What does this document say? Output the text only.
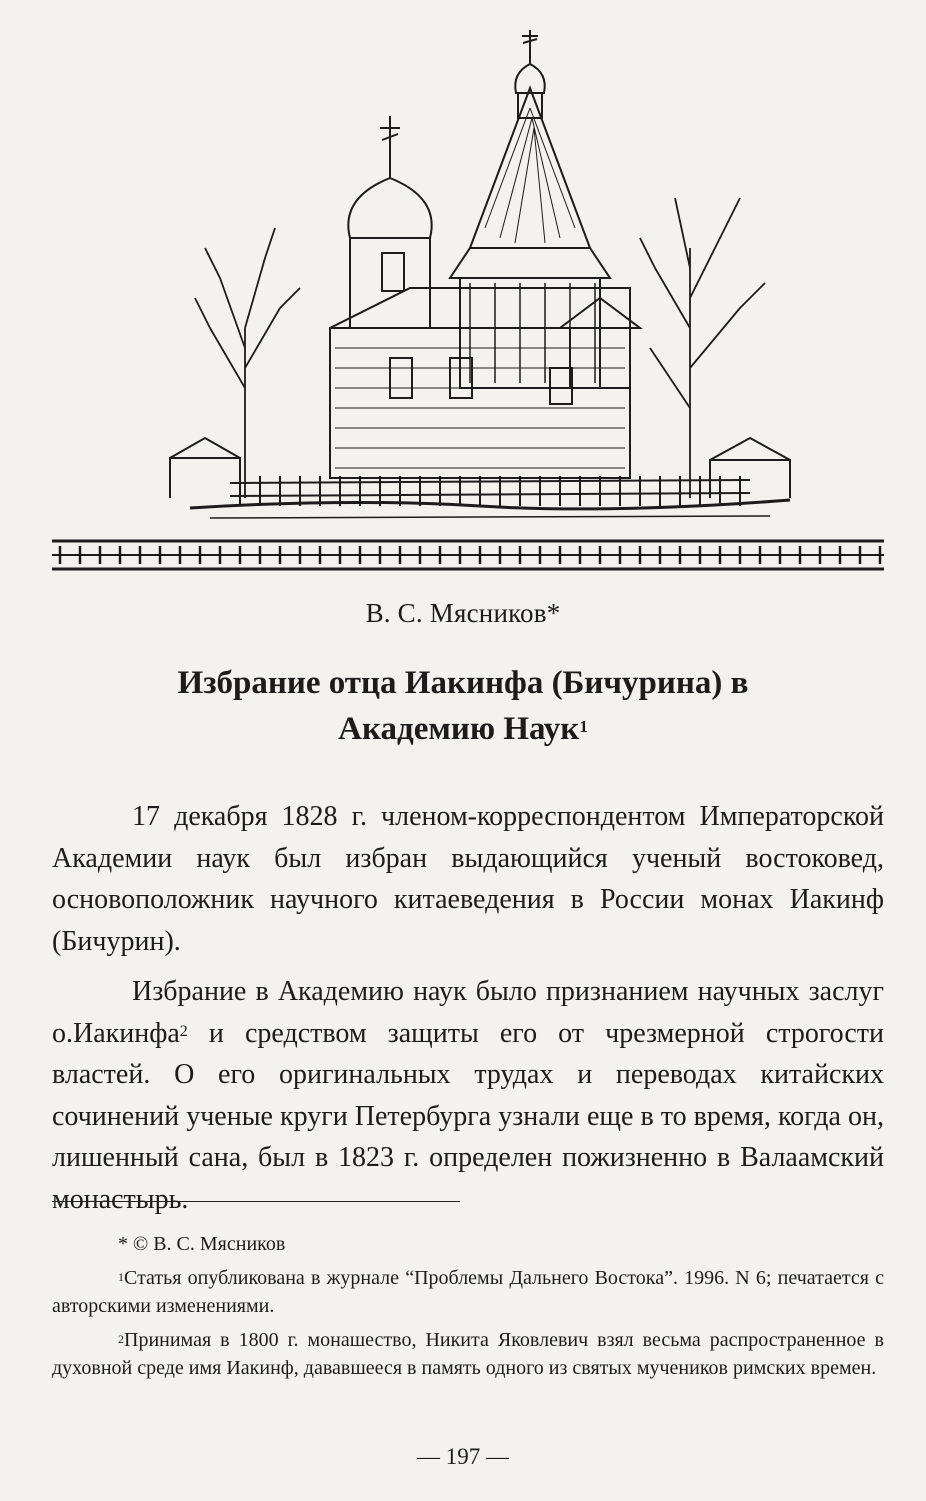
В. С. Мясников*
Избрание отца Иакинфа (Бичурина) в
Академию Наук$^1$

17 декабря 1828 г. членом-корреспондентом Императорской Академии наук был избран выдающийся ученый востоковед, основоположник научного китаеведения в России монах Иакинф (Бичурин).

Избрание в Академию наук было признанием научных заслуг о.Иакинфа$^2$ и средством защиты его от чрезмерной строгости властей. О его оригинальных трудах и переводах китайских сочинений ученые круги Петербурга узнали еще в то время, когда он, лишенный сана, был в 1823 г. определен пожизненно в Валаамский монастырь.

* © В. С. Мясников

$^1$Статья опубликована в журнале “Проблемы Дальнего Востока”. 1996. N 6; печатается с авторскими изменениями.

$^2$Принимая в 1800 г. монашество, Никита Яковлевич взял весьма распространенное в духовной среде имя Иакинф, дававшееся в память одного из святых мучеников римских времен.

— 197 —
